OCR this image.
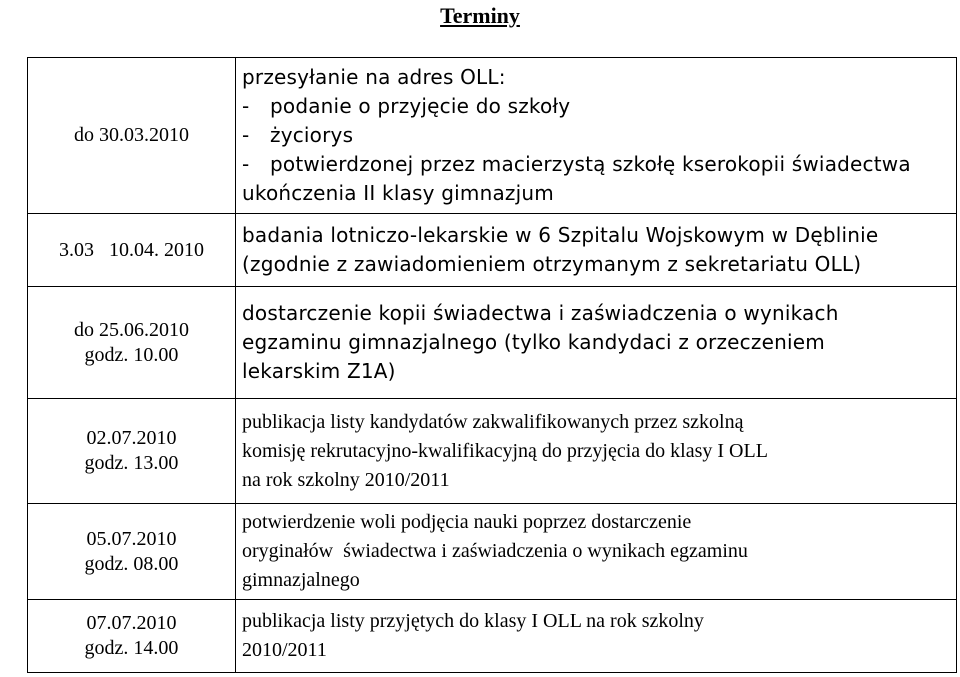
Terminy
do 30.03.2010	przesyłanie na adres OLL:
- podanie o przyjęcie do szkoły
- życiorys
- potwierdzonej przez macierzystą szkołę kserokopii świadectwa
ukończenia II klasy gimnazjum

3.03   10.04. 2010	badania lotniczo-lekarskie w 6 Szpitalu Wojskowym w Dęblinie
(zgodnie z zawiadomieniem otrzymanym z sekretariatu OLL)

do 25.06.2010
godz. 10.00	dostarczenie kopii świadectwa i zaświadczenia o wynikach
egzaminu gimnazjalnego (tylko kandydaci z orzeczeniem
lekarskim Z1A)

02.07.2010
godz. 13.00	publikacja listy kandydatów zakwalifikowanych przez szkolną
komisję rekrutacyjno-kwalifikacyjną do przyjęcia do klasy I OLL
na rok szkolny 2010/2011

05.07.2010
godz. 08.00	potwierdzenie woli podjęcia nauki poprzez dostarczenie
oryginałów  świadectwa i zaświadczenia o wynikach egzaminu
gimnazjalnego

07.07.2010
godz. 14.00	publikacja listy przyjętych do klasy I OLL na rok szkolny
2010/2011
